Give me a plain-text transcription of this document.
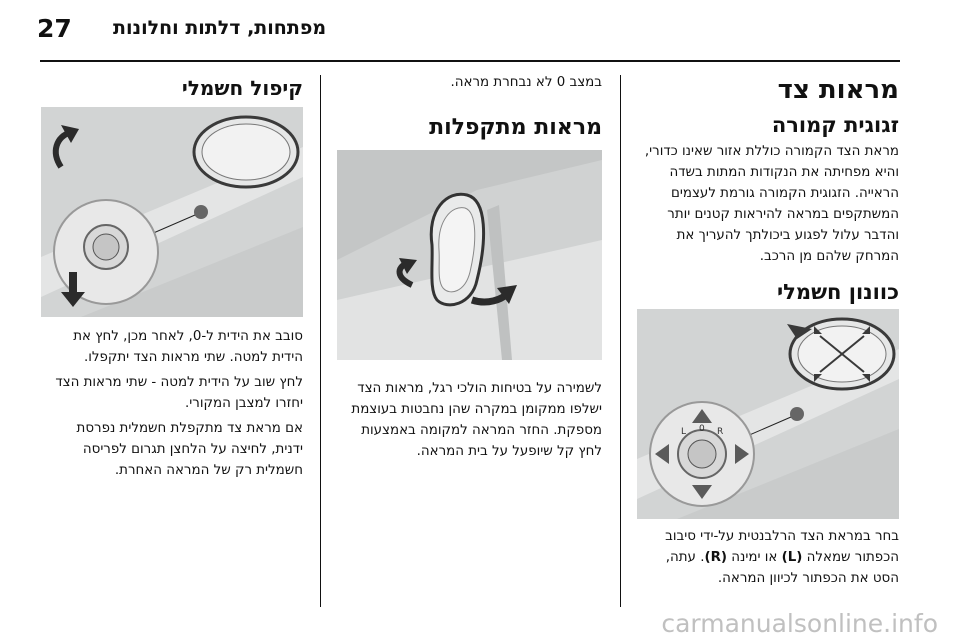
27 מפתחות, דלתות וחלונות
מראות צד
זגוגית קמורה

מראת הצד הקמורה כוללת אזור שאינו כדורי, והיא מפחיתה את הנקודות המתות בשדה הראייה. הזגוגית הקמורה גורמת לעצמים המשתקפים במראה להיראות קטנים יותר והדבר עלול לפגוע ביכולתך להעריך את המרחק שלהם מן הרכב.

כוונון חשמלי
L 0 R

בחר במראת הצד הרלבנטית על-ידי סיבוב הכפתור שמאלה (L) או ימינה (R). עתה, הסט את הכפתור לכיוון המראה.

במצב 0 לא נבחרת מראה.

מראות מתקפלות

לשמירה על בטיחות הולכי רגל, מראות הצד ישלפו ממקומן במקרה שהן נחבטות בעוצמת מספקת. החזר המראה למקומה באמצעות לחץ קל שיופעל על בית המראה.

קיפול חשמלי

סובב את הידית ל-0, לאחר מכן, לחץ את הידית למטה. שתי מראות הצד יתקפלו.

לחץ שוב על הידית למטה - שתי מראות הצד יחזרו למצבן המקורי.

אם מראת צד מתקפלת חשמלית נפרסת ידנית, לחיצה על הלחצן תגרום לפריסה חשמלית רק של המראה האחרת.

carmanualsonline.info
